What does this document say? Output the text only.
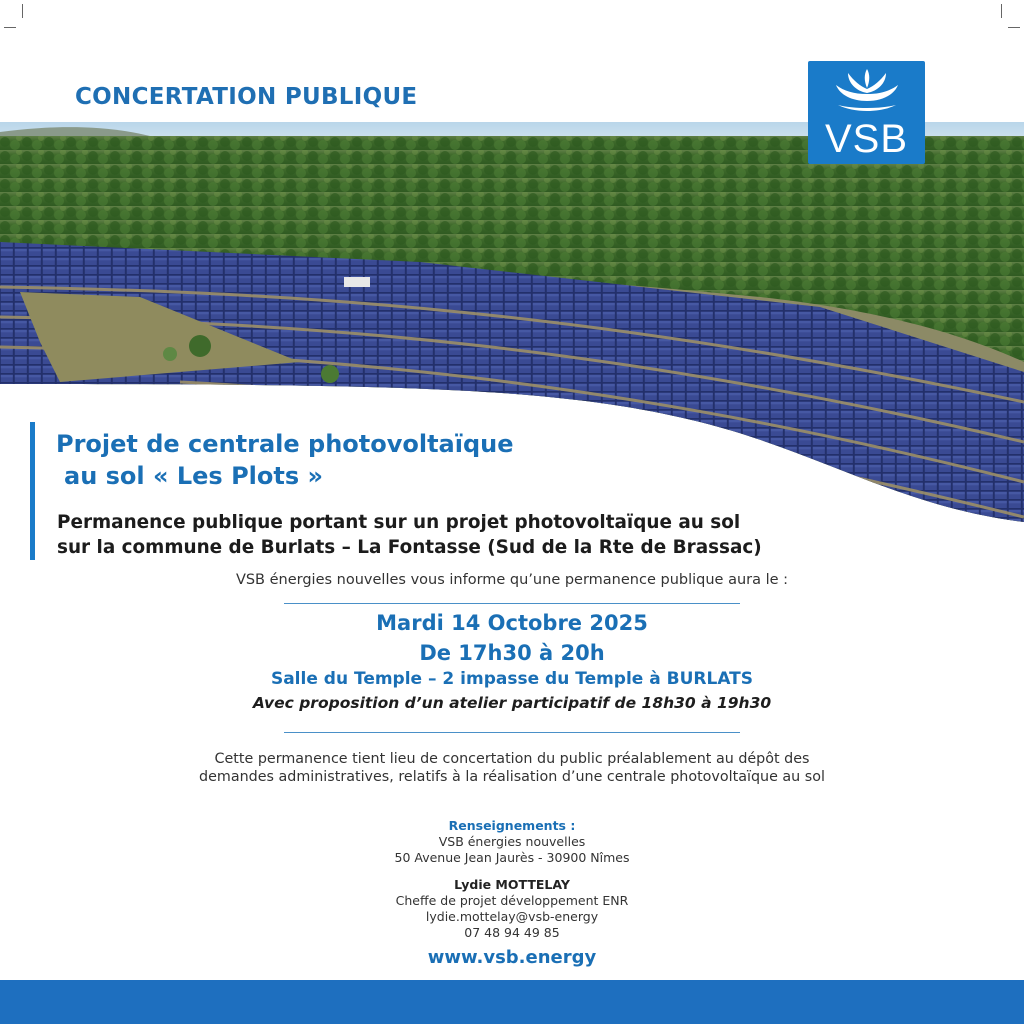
CONCERTATION PUBLIQUE
VSB
Projet de centrale photovoltaïque
au sol « Les Plots »

Permanence publique portant sur un projet photovoltaïque au sol
sur la commune de Burlats – La Fontasse (Sud de la Rte de Brassac)

VSB énergies nouvelles vous informe qu’une permanence publique aura le :
Mardi 14 Octobre 2025
De 17h30 à 20h
Salle du Temple – 2 impasse du Temple à BURLATS
Avec proposition d’un atelier participatif de 18h30 à 19h30
Cette permanence tient lieu de concertation du public préalablement au dépôt des
demandes administratives, relatifs à la réalisation d’une centrale photovoltaïque au sol
Renseignements :
VSB énergies nouvelles
50 Avenue Jean Jaurès - 30900 Nîmes
Lydie MOTTELAY
Cheffe de projet développement ENR
lydie.mottelay@vsb-energy
07 48 94 49 85
www.vsb.energy
